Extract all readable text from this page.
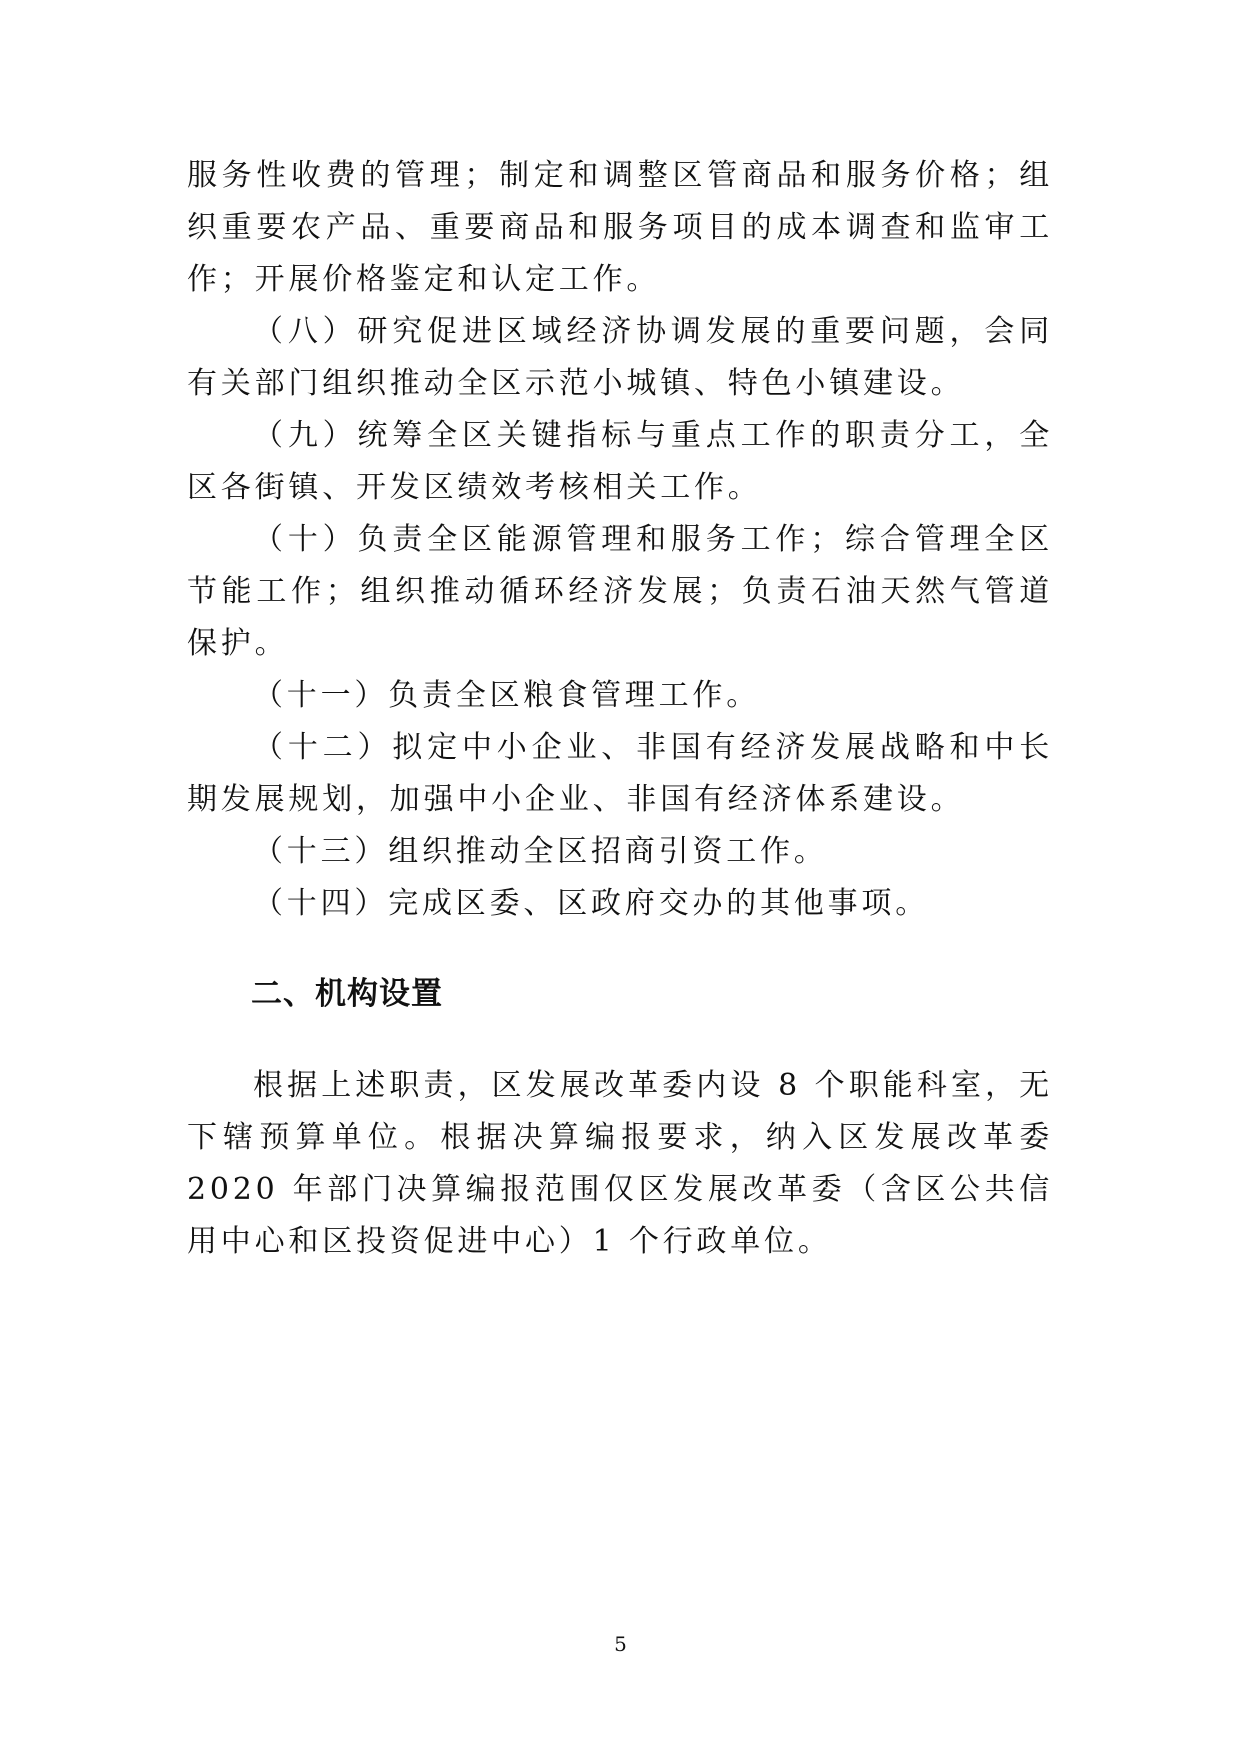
服务性收费的管理；制定和调整区管商品和服务价格；组织重要农产品、重要商品和服务项目的成本调查和监审工作；开展价格鉴定和认定工作。

（八）研究促进区域经济协调发展的重要问题，会同有关部门组织推动全区示范小城镇、特色小镇建设。

（九）统筹全区关键指标与重点工作的职责分工，全区各街镇、开发区绩效考核相关工作。

（十）负责全区能源管理和服务工作；综合管理全区节能工作；组织推动循环经济发展；负责石油天然气管道保护。

（十一）负责全区粮食管理工作。

（十二）拟定中小企业、非国有经济发展战略和中长期发展规划，加强中小企业、非国有经济体系建设。

（十三）组织推动全区招商引资工作。

（十四）完成区委、区政府交办的其他事项。

二、机构设置

根据上述职责，区发展改革委内设 8 个职能科室，无下辖预算单位。根据决算编报要求，纳入区发展改革委 2020 年部门决算编报范围仅区发展改革委（含区公共信用中心和区投资促进中心）1 个行政单位。

5
